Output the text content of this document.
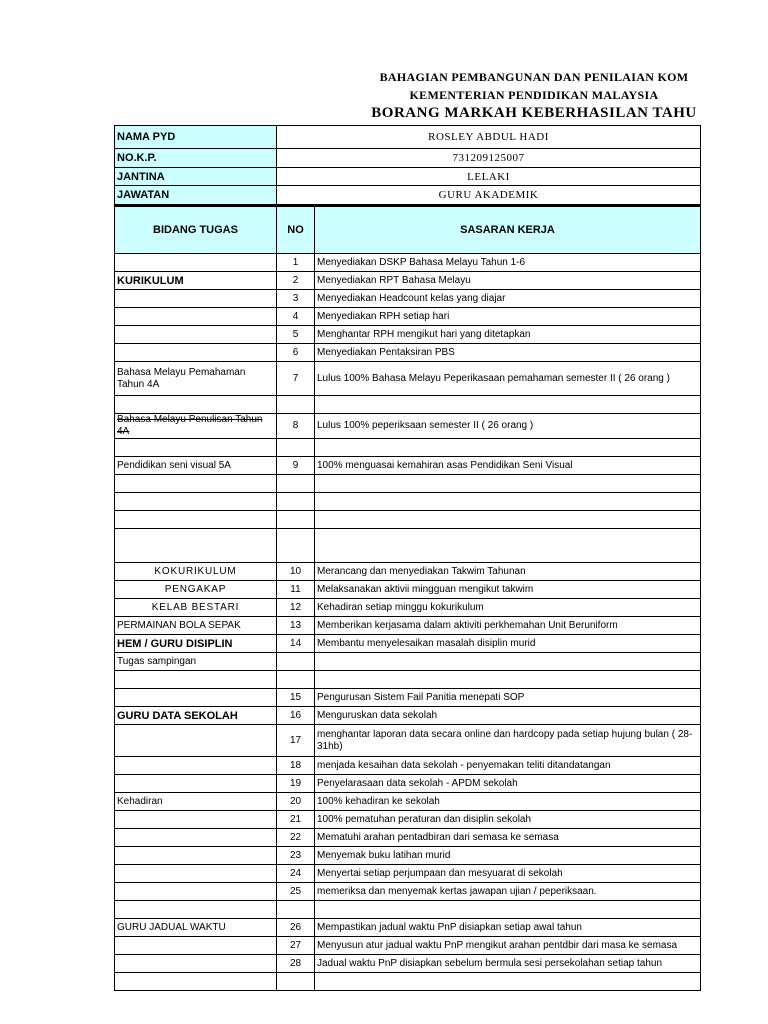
BAHAGIAN PEMBANGUNAN DAN PENILAIAN KOM
KEMENTERIAN PENDIDIKAN MALAYSIA
BORANG MARKAH KEBERHASILAN TAHU
NAMA PYD	ROSLEY ABDUL HADI	
NO.K.P.	731209125007	
JANTINA	LELAKI	
JAWATAN	GURU AKADEMIK	
BIDANG TUGAS	NO	SASARAN KERJA
	1	Menyediakan DSKP Bahasa Melayu Tahun 1-6
KURIKULUM	2	Menyediakan RPT Bahasa Melayu
	3	Menyediakan Headcount kelas yang diajar
	4	Menyediakan RPH setiap hari
	5	Menghantar RPH mengikut hari yang ditetapkan
	6	Menyediakan Pentaksiran PBS
Bahasa Melayu Pemahaman Tahun 4A	7	Lulus 100% Bahasa Melayu Peperikasaan pemahaman semester II ( 26 orang )

Bahasa Melayu Penulisan Tahun 4A	8	Lulus 100% peperiksaan semester II ( 26 orang )

Pendidikan seni visual 5A	9	100% menguasai kemahiran asas Pendidikan Seni Visual

KOKURIKULUM	10	Merancang dan menyediakan Takwim Tahunan
PENGAKAP	11	Melaksanakan aktivii mingguan mengikut takwim
KELAB BESTARI	12	Kehadiran setiap minggu kokurikulum
PERMAINAN BOLA SEPAK	13	Memberikan kerjasama dalam aktiviti perkhemahan Unit Beruniform
HEM / GURU DISIPLIN	14	Membantu menyelesaikan masalah disiplin murid
Tugas sampingan		

	15	Pengurusan Sistem Fail Panitia menepati SOP
GURU DATA SEKOLAH	16	Menguruskan data sekolah
	17	menghantar laporan data secara online dan hardcopy pada setiap hujung bulan ( 28-31hb)
	18	menjada kesaihan data sekolah - penyemakan teliti ditandatangan
	19	Penyelarasaan data sekolah - APDM sekolah
Kehadiran	20	100% kehadiran ke sekolah
	21	100% pematuhan peraturan dan disiplin sekolah
	22	Mematuhi arahan pentadbiran dari semasa ke semasa
	23	Menyemak buku latihan murid
	24	Menyertai setiap perjumpaan dan mesyuarat di sekolah
	25	memeriksa dan menyemak kertas jawapan ujian / peperiksaan.

GURU JADUAL WAKTU	26	Mempastikan jadual waktu PnP disiapkan setiap awal tahun
	27	Menyusun atur jadual waktu PnP mengikut arahan pentdbir dari masa ke semasa
	28	Jadual waktu PnP disiapkan sebelum bermula sesi persekolahan setiap tahun
